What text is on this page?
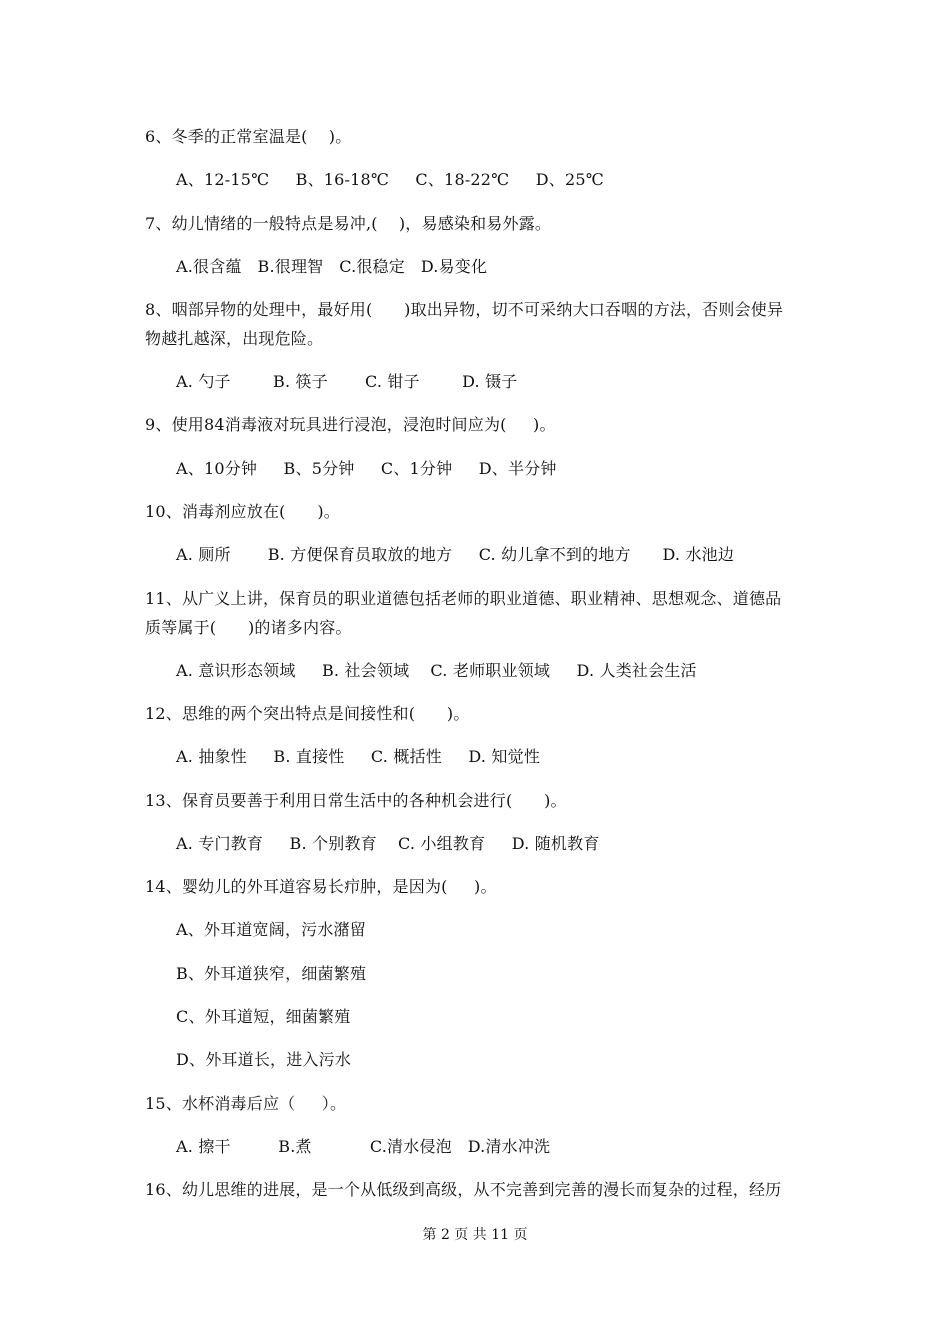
6、冬季的正常室温是(    )。
A、12-15℃     B、16-18℃     C、18-22℃     D、25℃
7、幼儿情绪的一般特点是易冲,(    )，易感染和易外露。
A.很含蕴   B.很理智   C.很稳定   D.易变化
8、咽部异物的处理中，最好用(      )取出异物，切不可采纳大口吞咽的方法，否则会使异
物越扎越深，出现危险。
A. 勺子        B. 筷子       C. 钳子        D. 镊子
9、使用84消毒液对玩具进行浸泡，浸泡时间应为(     )。
A、10分钟     B、5分钟     C、1分钟     D、半分钟
10、消毒剂应放在(      )。
A. 厕所       B. 方便保育员取放的地方     C. 幼儿拿不到的地方      D. 水池边
11、从广义上讲，保育员的职业道德包括老师的职业道德、职业精神、思想观念、道德品
质等属于(      )的诸多内容。
A. 意识形态领域     B. 社会领域    C. 老师职业领域     D. 人类社会生活
12、思维的两个突出特点是间接性和(      )。
A. 抽象性     B. 直接性     C. 概括性     D. 知觉性
13、保育员要善于利用日常生活中的各种机会进行(      )。
A. 专门教育     B. 个别教育    C. 小组教育     D. 随机教育
14、婴幼儿的外耳道容易长疖肿，是因为(     )。
A、外耳道宽阔，污水潴留
B、外耳道狭窄，细菌繁殖
C、外耳道短，细菌繁殖
D、外耳道长，进入污水
15、水杯消毒后应（     ）。
A. 擦干         B.煮           C.清水侵泡   D.清水冲洗
16、幼儿思维的进展，是一个从低级到高级，从不完善到完善的漫长而复杂的过程，经历
第 2 页 共 11 页
